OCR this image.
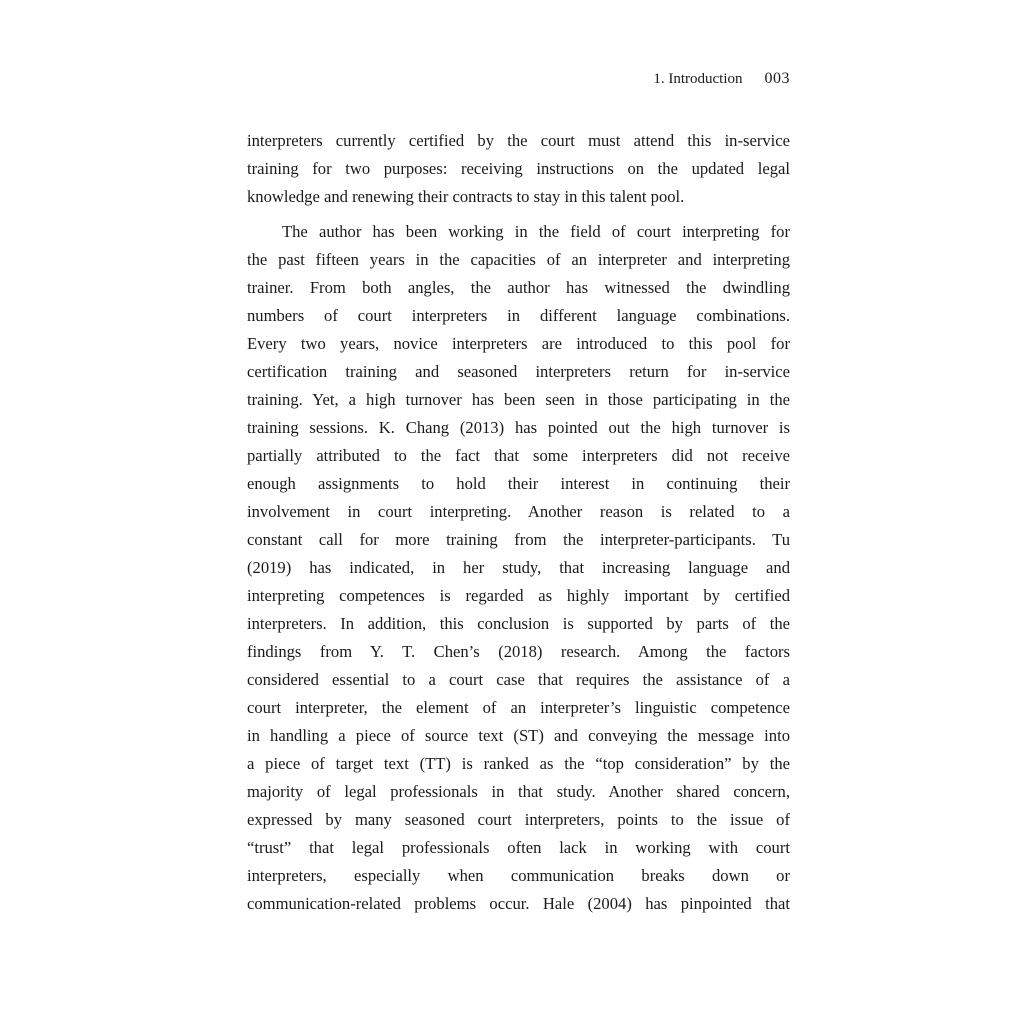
1. Introduction 003

interpreters currently certified by the court must attend this in-service
training for two purposes: receiving instructions on the updated legal
knowledge and renewing their contracts to stay in this talent pool.

The author has been working in the field of court interpreting for
the past fifteen years in the capacities of an interpreter and interpreting
trainer. From both angles, the author has witnessed the dwindling
numbers of court interpreters in different language combinations.
Every two years, novice interpreters are introduced to this pool for
certification training and seasoned interpreters return for in-service
training. Yet, a high turnover has been seen in those participating in the
training sessions. K. Chang (2013) has pointed out the high turnover is
partially attributed to the fact that some interpreters did not receive
enough assignments to hold their interest in continuing their
involvement in court interpreting. Another reason is related to a
constant call for more training from the interpreter-participants. Tu
(2019) has indicated, in her study, that increasing language and
interpreting competences is regarded as highly important by certified
interpreters. In addition, this conclusion is supported by parts of the
findings from Y. T. Chen’s (2018) research. Among the factors
considered essential to a court case that requires the assistance of a
court interpreter, the element of an interpreter’s linguistic competence
in handling a piece of source text (ST) and conveying the message into
a piece of target text (TT) is ranked as the “top consideration” by the
majority of legal professionals in that study. Another shared concern,
expressed by many seasoned court interpreters, points to the issue of
“trust” that legal professionals often lack in working with court
interpreters, especially when communication breaks down or
communication-related problems occur. Hale (2004) has pinpointed that
